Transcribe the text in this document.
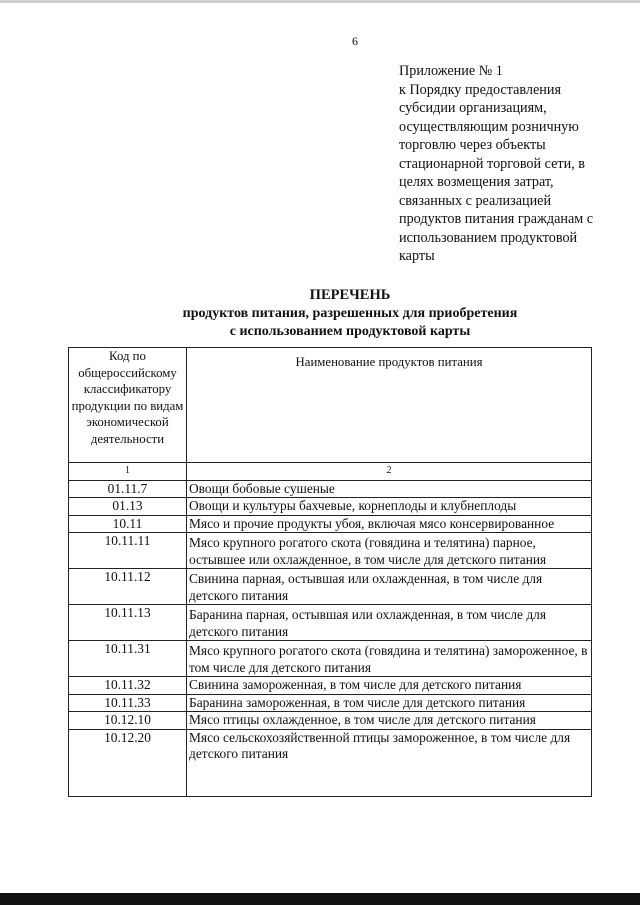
6
Приложение № 1
к Порядку предоставления
субсидии организациям,
осуществляющим розничную
торговлю через объекты
стационарной торговой сети, в
целях возмещения затрат,
связанных с реализацией
продуктов питания гражданам с
использованием продуктовой
карты
ПЕРЕЧЕНЬ
продуктов питания, разрешенных для приобретения
с использованием продуктовой карты
Код по общероссийскому классификатору продукции по видам экономической деятельности	Наименование продуктов питания
1	2
01.11.7	Овощи бобовые сушеные
01.13	Овощи и культуры бахчевые, корнеплоды и клубнеплоды
10.11	Мясо и прочие продукты убоя, включая мясо консервированное
10.11.11	Мясо крупного рогатого скота (говядина и телятина) парное, остывшее или охлажденное, в том числе для детского питания
10.11.12	Свинина парная, остывшая или охлажденная, в том числе для детского питания
10.11.13	Баранина парная, остывшая или охлажденная, в том числе для детского питания
10.11.31	Мясо крупного рогатого скота (говядина и телятина) замороженное, в том числе для детского питания
10.11.32	Свинина замороженная, в том числе для детского питания
10.11.33	Баранина замороженная, в том числе для детского питания
10.12.10	Мясо птицы охлажденное, в том числе для детского питания
10.12.20	Мясо сельскохозяйственной птицы замороженное, в том числе для детского питания
